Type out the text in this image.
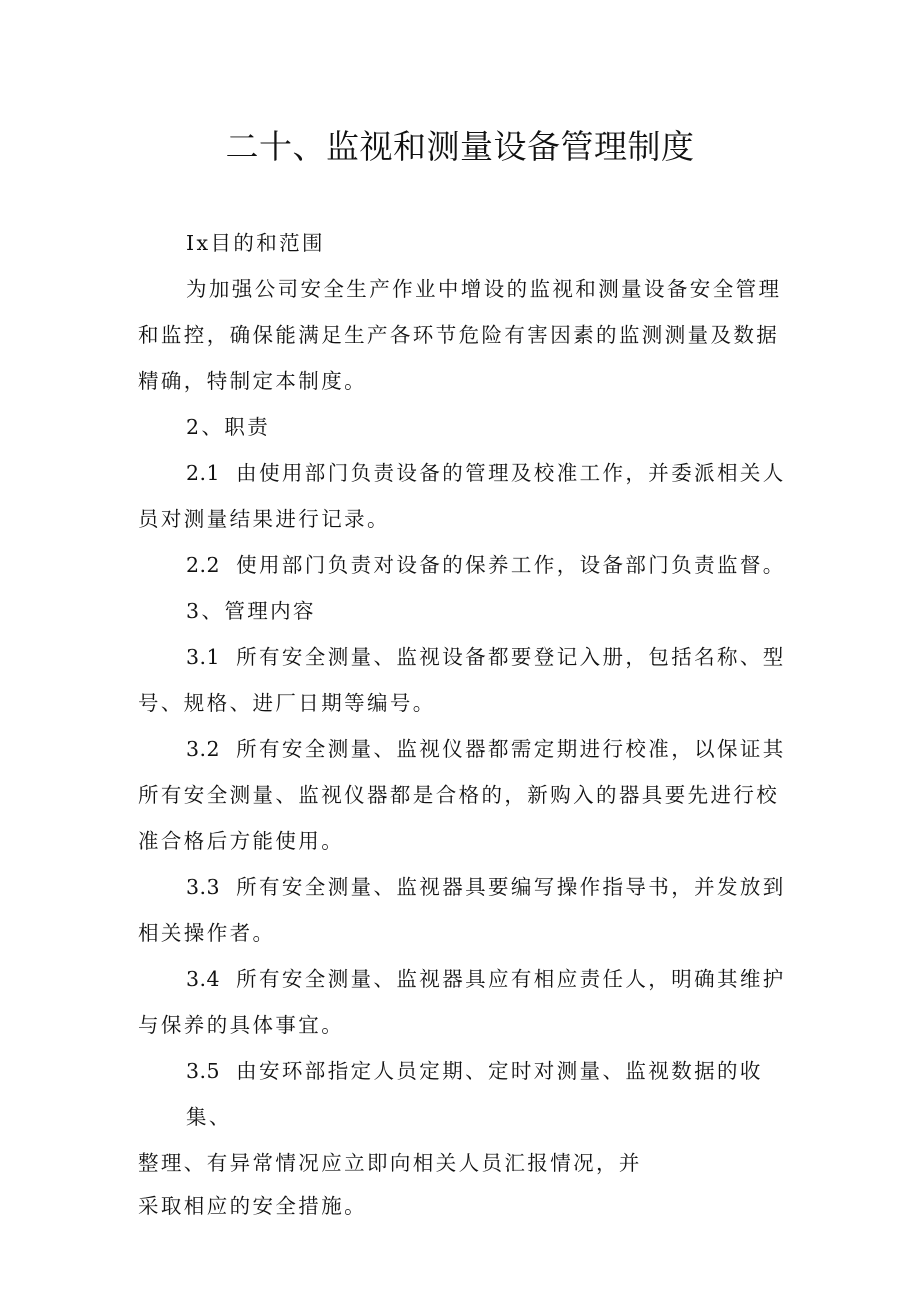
二十、监视和测量设备管理制度
Ix目的和范围
为加强公司安全生产作业中增设的监视和测量设备安全管理
和监控，确保能满足生产各环节危险有害因素的监测测量及数据
精确，特制定本制度。
2、职责
2.1 由使用部门负责设备的管理及校准工作，并委派相关人
员对测量结果进行记录。
2.2 使用部门负责对设备的保养工作，设备部门负责监督。
3、管理内容
3.1 所有安全测量、监视设备都要登记入册，包括名称、型
号、规格、进厂日期等编号。
3.2 所有安全测量、监视仪器都需定期进行校准，以保证其
所有安全测量、监视仪器都是合格的，新购入的器具要先进行校
准合格后方能使用。
3.3 所有安全测量、监视器具要编写操作指导书，并发放到
相关操作者。
3.4 所有安全测量、监视器具应有相应责任人，明确其维护
与保养的具体事宜。
3.5 由安环部指定人员定期、定时对测量、监视数据的收集、
整理、有异常情况应立即向相关人员汇报情况，并
采取相应的安全措施。
